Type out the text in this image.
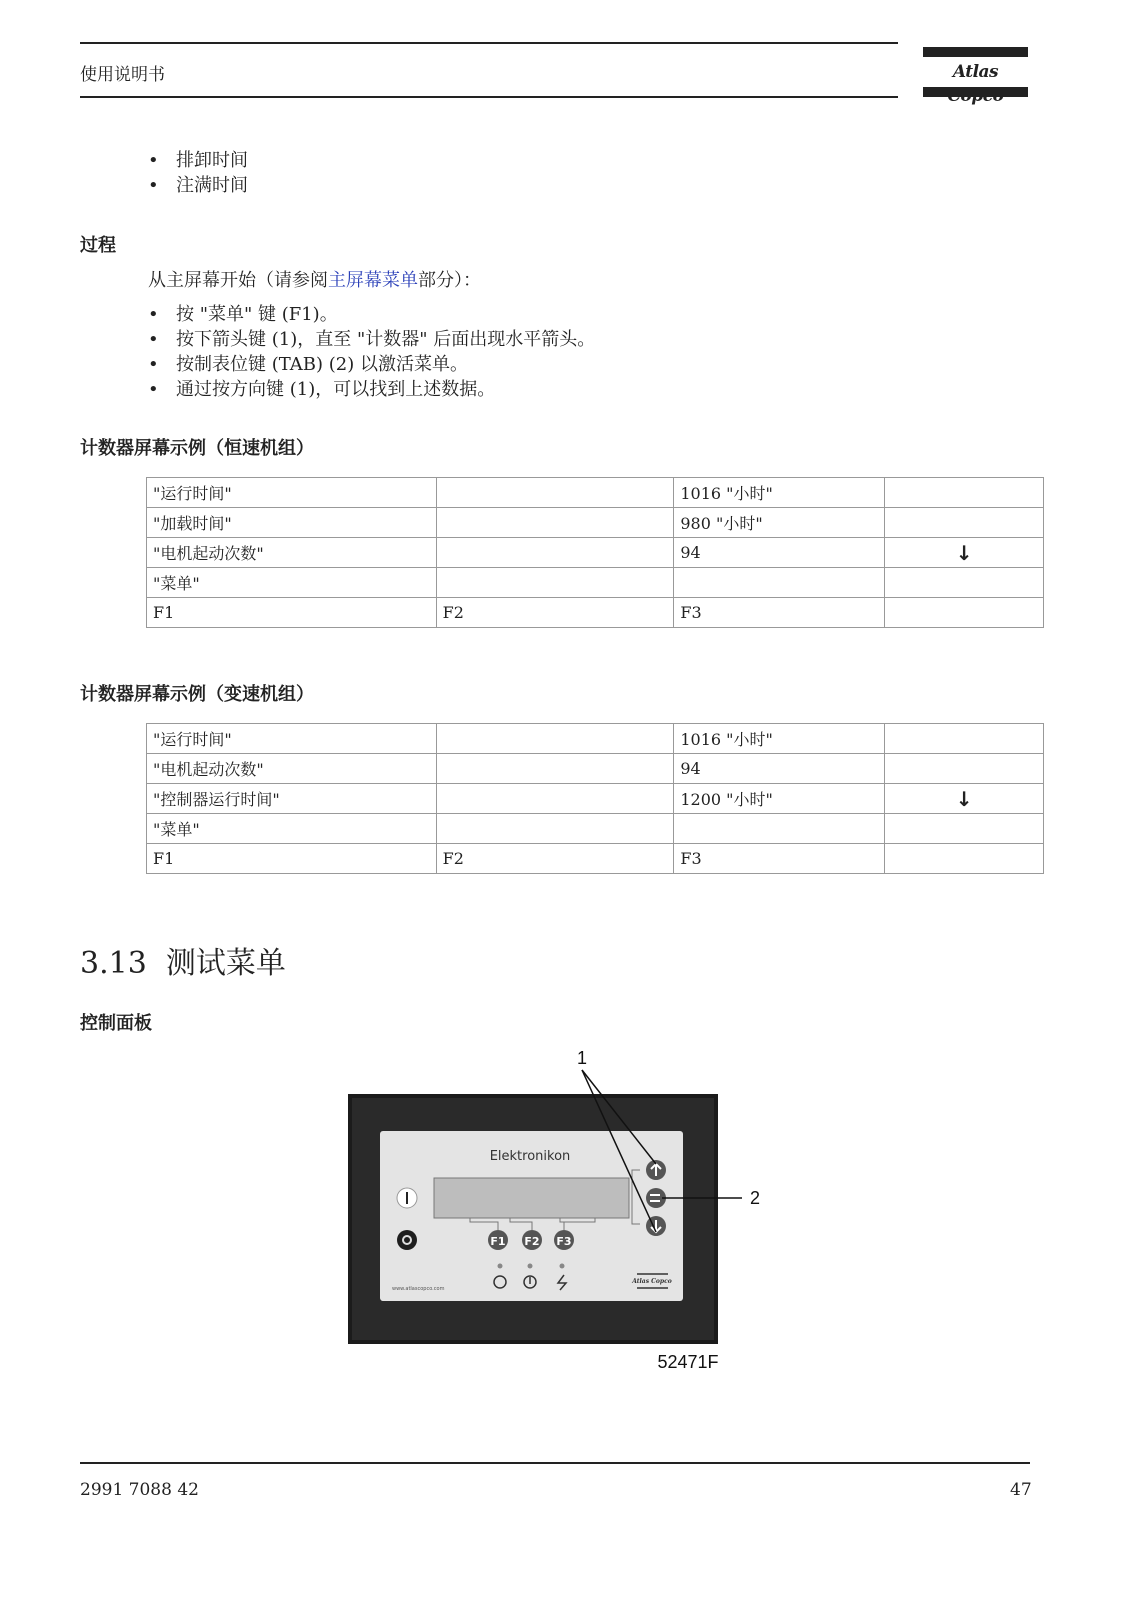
使用说明书	Atlas
• 排卸时间
• 注满时间
过程
从主屏幕开始（请参阅主屏幕菜单部分）：
• 按 "菜单" 键 (F1)。
• 按下箭头键 (1)，直至 "计数器" 后面出现水平箭头。
• 按制表位键 (TAB) (2) 以激活菜单。
• 通过按方向键 (1)，可以找到上述数据。
计数器屏幕示例（恒速机组）
"运行时间"		1016 "小时"	
"加载时间"		980 "小时"	
"电机起动次数"		94	↓
"菜单"			
F1	F2	F3	
计数器屏幕示例（变速机组）
"运行时间"		1016 "小时"	
"电机起动次数"		94	
"控制器运行时间"		1200 "小时"	↓
"菜单"			
F1	F2	F3	
3.13 测试菜单
控制面板
Elektronikon
F1 F2 F3
www.atlascopco.com
Atlas Copco
1
2
52471F
2991 7088 42	47
